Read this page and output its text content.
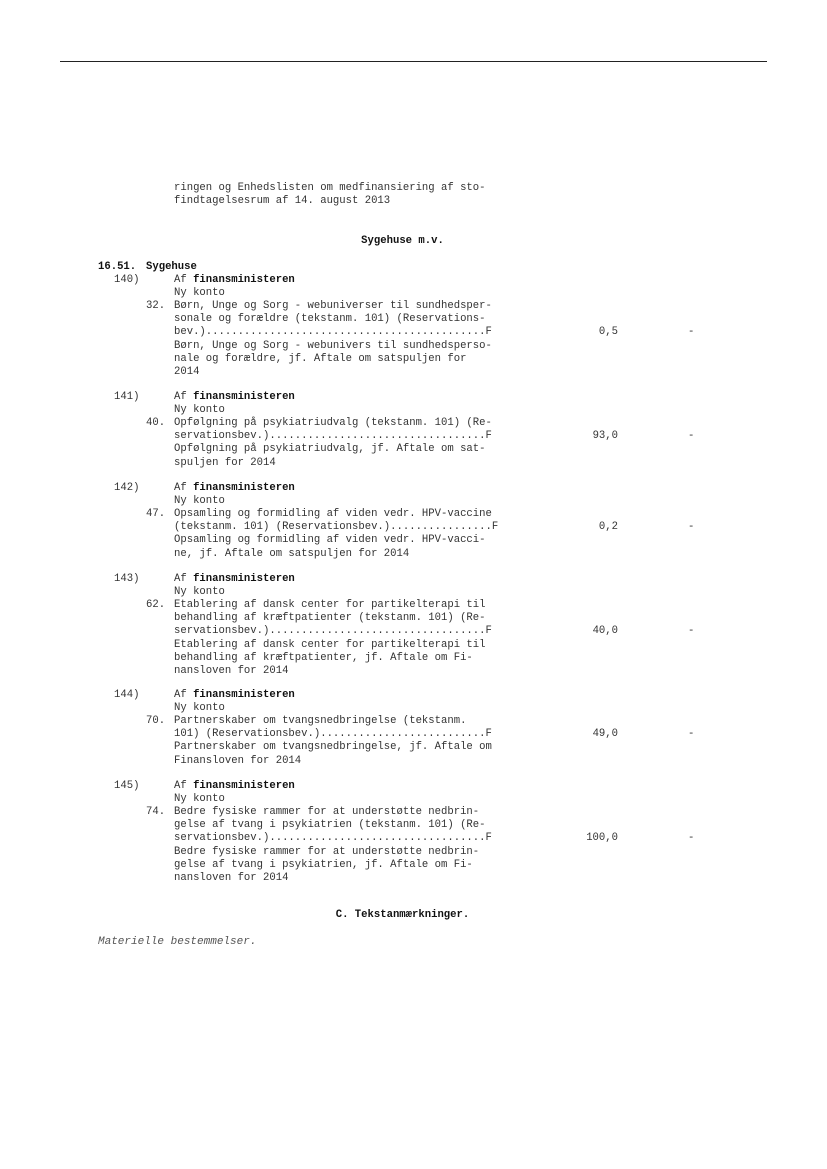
ringen og Enhedslisten om medfinansiering af sto-
findtagelsesrum af 14. august 2013
Sygehuse m.v.
16.51. Sygehuse
140)	Af finansministeren
Ny konto
32. Børn, Unge og Sorg - webuniverser til sundhedsper-
sonale og forældre (tekstanm. 101) (Reservations-
bev.)............................................F	0,5	-
Børn, Unge og Sorg - webunivers til sundhedsperso-
nale og forældre, jf. Aftale om satspuljen for
2014
141)	Af finansministeren
Ny konto
40. Opfølgning på psykiatriudvalg (tekstanm. 101) (Re-
servationsbev.)..................................F	93,0	-
Opfølgning på psykiatriudvalg, jf. Aftale om sat-
spuljen for 2014
142)	Af finansministeren
Ny konto
47. Opsamling og formidling af viden vedr. HPV-vaccine
(tekstanm. 101) (Reservationsbev.)................F	0,2	-
Opsamling og formidling af viden vedr. HPV-vacci-
ne, jf. Aftale om satspuljen for 2014
143)	Af finansministeren
Ny konto
62. Etablering af dansk center for partikelterapi til
behandling af kræftpatienter (tekstanm. 101) (Re-
servationsbev.)..................................F	40,0	-
Etablering af dansk center for partikelterapi til
behandling af kræftpatienter, jf. Aftale om Fi-
nansloven for 2014
144)	Af finansministeren
Ny konto
70. Partnerskaber om tvangsnedbringelse (tekstanm.
101) (Reservationsbev.)..........................F	49,0	-
Partnerskaber om tvangsnedbringelse, jf. Aftale om
Finansloven for 2014
145)	Af finansministeren
Ny konto
74. Bedre fysiske rammer for at understøtte nedbrin-
gelse af tvang i psykiatrien (tekstanm. 101) (Re-
servationsbev.)..................................F	100,0	-
Bedre fysiske rammer for at understøtte nedbrin-
gelse af tvang i psykiatrien, jf. Aftale om Fi-
nansloven for 2014
C. Tekstanmærkninger.
Materielle bestemmelser.
